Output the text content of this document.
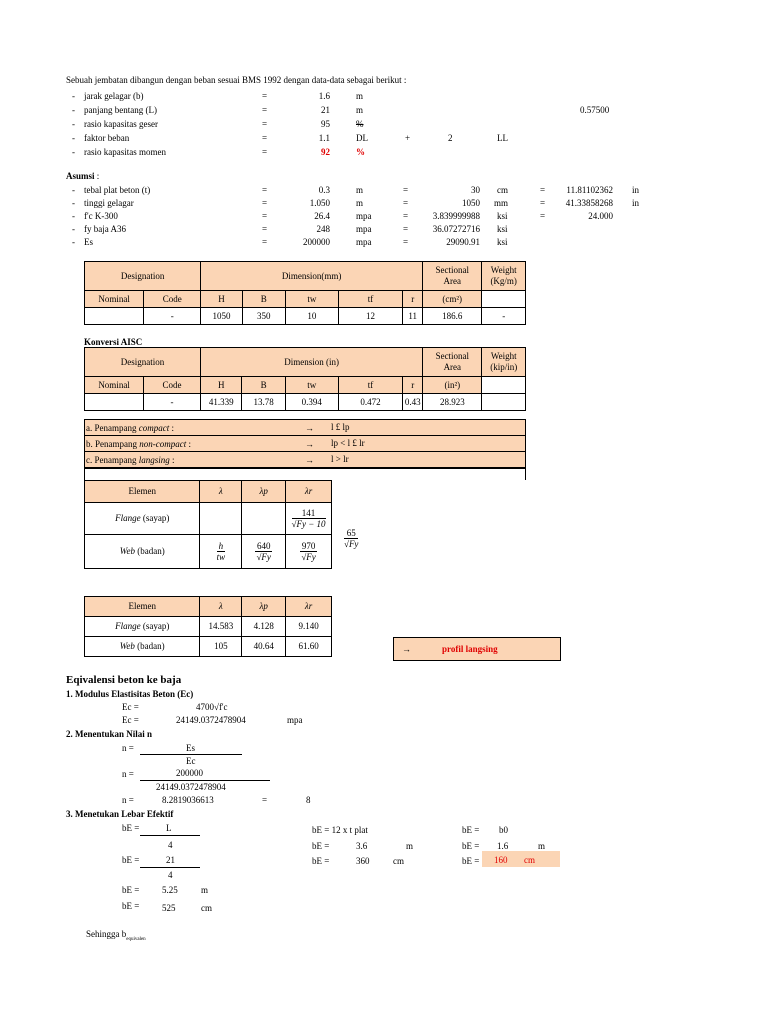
Sebuah jembatan dibangun dengan beban sesuai BMS 1992 dengan data-data sebagai berikut :
- jarak gelagar (b)	=	1.6	m
- panjang bentang (L)	=	21	m	0.57500
- rasio kapasitas geser	=	95	%
- faktor beban	=	1.1	DL	+	2	LL
- rasio kapasitas momen	=	92	%
Asumsi :
- tebal plat beton (t)	=	0.3	m	=	30 cm	=	11.81102362 in
- tinggi gelagar	=	1.050	m	=	1050 mm	=	41.33858268 in
- f'c K-300	=	26.4	mpa	=	3.839999988 ksi	=	24.000
- fy baja A36	=	248	mpa	=	36.07272716 ksi
- Es	=	200000	mpa	=	29090.91 ksi
Designation		Dimension(mm)					Sectional
Area	Weight
(Kg/m)
Nominal	Code	H	B	tw	tf	r	(cm²)	
	-	1050	350	10	12	11	186.6	-
Konversi AISC
Designation		Dimension (in)					Sectional
Area	Weight
(kip/in)
Nominal	Code	H	B	tw	tf	r	(in²)	
	-	41.339	13.78	0.394	0.472	0.43	28.923	
a. Penampang compact :	→ l £ lp
b. Penampang non-compact :	→ lp < l £ lr
c. Penampang langsing :	→ l > lr
Elemen	λ	λp	λr
Flange (sayap)			$\frac{141}{√Fy - 10}$

Web (badan)	$\frac{h}{tw}$	$\frac{640}{√Fy}$	$\frac{970}{√Fy}$
$\frac{65}{√Fy}$
Elemen	λ	λp	λr
Flange (sayap)	14.583	4.128	9.140
Web (badan)	105	40.64	61.60	→	profil langsing
Eqivalensi beton ke baja
1. Modulus Elastisitas Beton (Ec)
Ec =	4700√f'c
Ec =	24149.0372478904	mpa
2. Menentukan Nilai n
n =	Es
Ec
n =	200000
24149.0372478904
n =	8.2819036613	=	8
3. Menetukan Lebar Efektif
bE =	L
4
bE =	21
4
bE =	5.25	m
bE =	525	cm
bE = 12 x t plat
bE =	3.6	m
bE =	360	cm
bE = b0
bE = 1.6	m
bE = 160 cm
Sehingga $b_{equivalen}$
